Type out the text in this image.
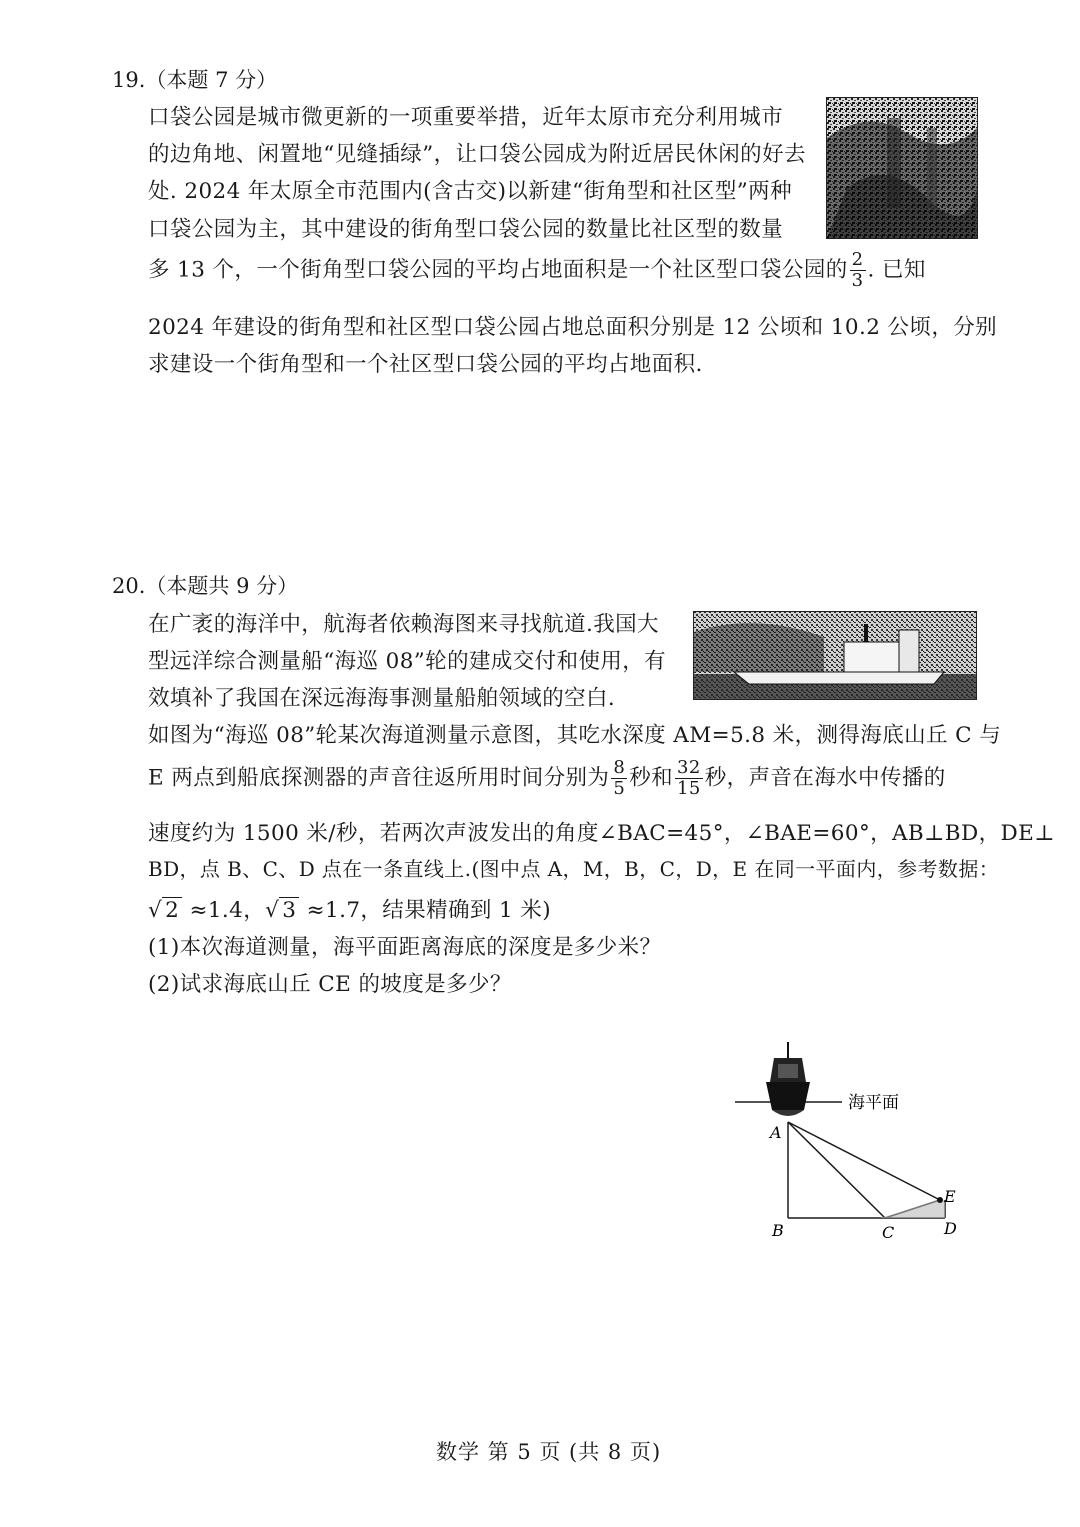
19.（本题 7 分）
口袋公园是城市微更新的一项重要举措，近年太原市充分利用城市
的边角地、闲置地“见缝插绿”，让口袋公园成为附近居民休闲的好去
处. 2024 年太原全市范围内(含古交)以新建“街角型和社区型”两种
口袋公园为主，其中建设的街角型口袋公园的数量比社区型的数量
多 13 个，一个街角型口袋公园的平均占地面积是一个社区型口袋公园的 $\frac{2}{3}$ . 已知
2024 年建设的街角型和社区型口袋公园占地总面积分别是 12 公顷和 10.2 公顷，分别
求建设一个街角型和一个社区型口袋公园的平均占地面积.
20.（本题共 9 分）
在广袤的海洋中，航海者依赖海图来寻找航道.我国大
型远洋综合测量船“海巡 08”轮的建成交付和使用，有
效填补了我国在深远海海事测量船舶领域的空白.
如图为“海巡 08”轮某次海道测量示意图，其吃水深度 AM=5.8 米，测得海底山丘 C 与
E 两点到船底探测器的声音往返所用时间分别为 $\frac{8}{5}$ 秒和 $\frac{32}{15}$ 秒，声音在海水中传播的
速度约为 1500 米/秒，若两次声波发出的角度∠BAC=45°，∠BAE=60°，AB⊥BD，DE⊥
BD，点 B、C、D 点在一条直线上.(图中点 A，M，B，C，D，E 在同一平面内，参考数据：
√ 2 ≈1.4，√ 3 ≈1.7，结果精确到 1 米)
(1)本次海道测量，海平面距离海底的深度是多少米？
(2)试求海底山丘 CE 的坡度是多少？
海平面
A
B	C	D
E
数学 第 5 页 (共 8 页)
